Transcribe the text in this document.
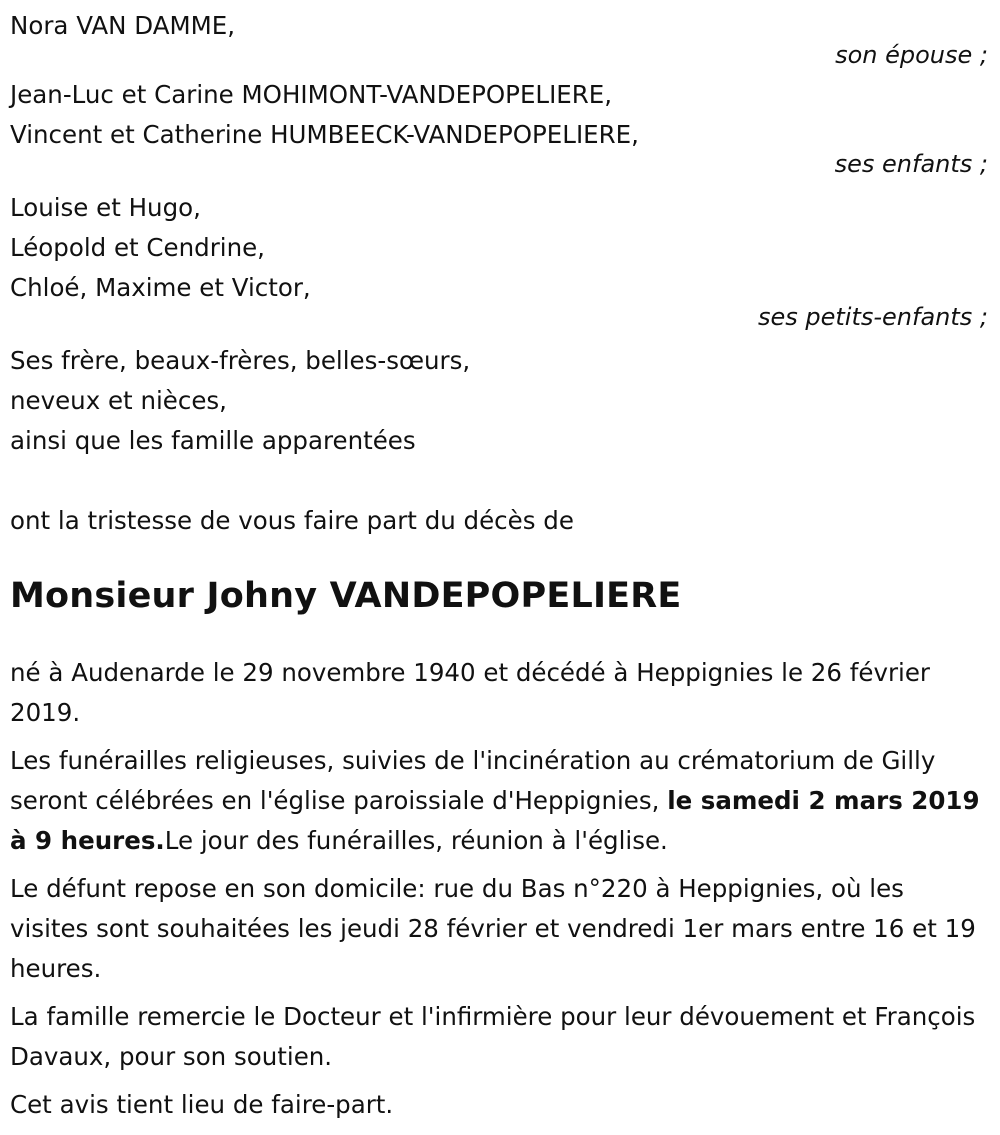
Nora VAN DAMME,

son épouse ;

Jean-Luc et Carine MOHIMONT-VANDEPOPELIERE,

Vincent et Catherine HUMBEECK-VANDEPOPELIERE,

ses enfants ;

Louise et Hugo,

Léopold et Cendrine,

Chloé, Maxime et Victor,

ses petits-enfants ;

Ses frère, beaux-frères, belles-sœurs,

neveux et nièces,

ainsi que les famille apparentées

ont la tristesse de vous faire part du décès de

Monsieur Johny VANDEPOPELIERE

né à Audenarde le 29 novembre 1940 et décédé à Heppignies le 26 février 2019.

Les funérailles religieuses, suivies de l'incinération au crématorium de Gilly seront célébrées en l'église paroissiale d'Heppignies, le samedi 2 mars 2019 à 9 heures.Le jour des funérailles, réunion à l'église.

Le défunt repose en son domicile: rue du Bas n°220 à Heppignies, où les visites sont souhaitées les jeudi 28 février et vendredi 1er mars entre 16 et 19 heures.

La famille remercie le Docteur et l'infirmière pour leur dévouement et François Davaux, pour son soutien.

Cet avis tient lieu de faire-part.
